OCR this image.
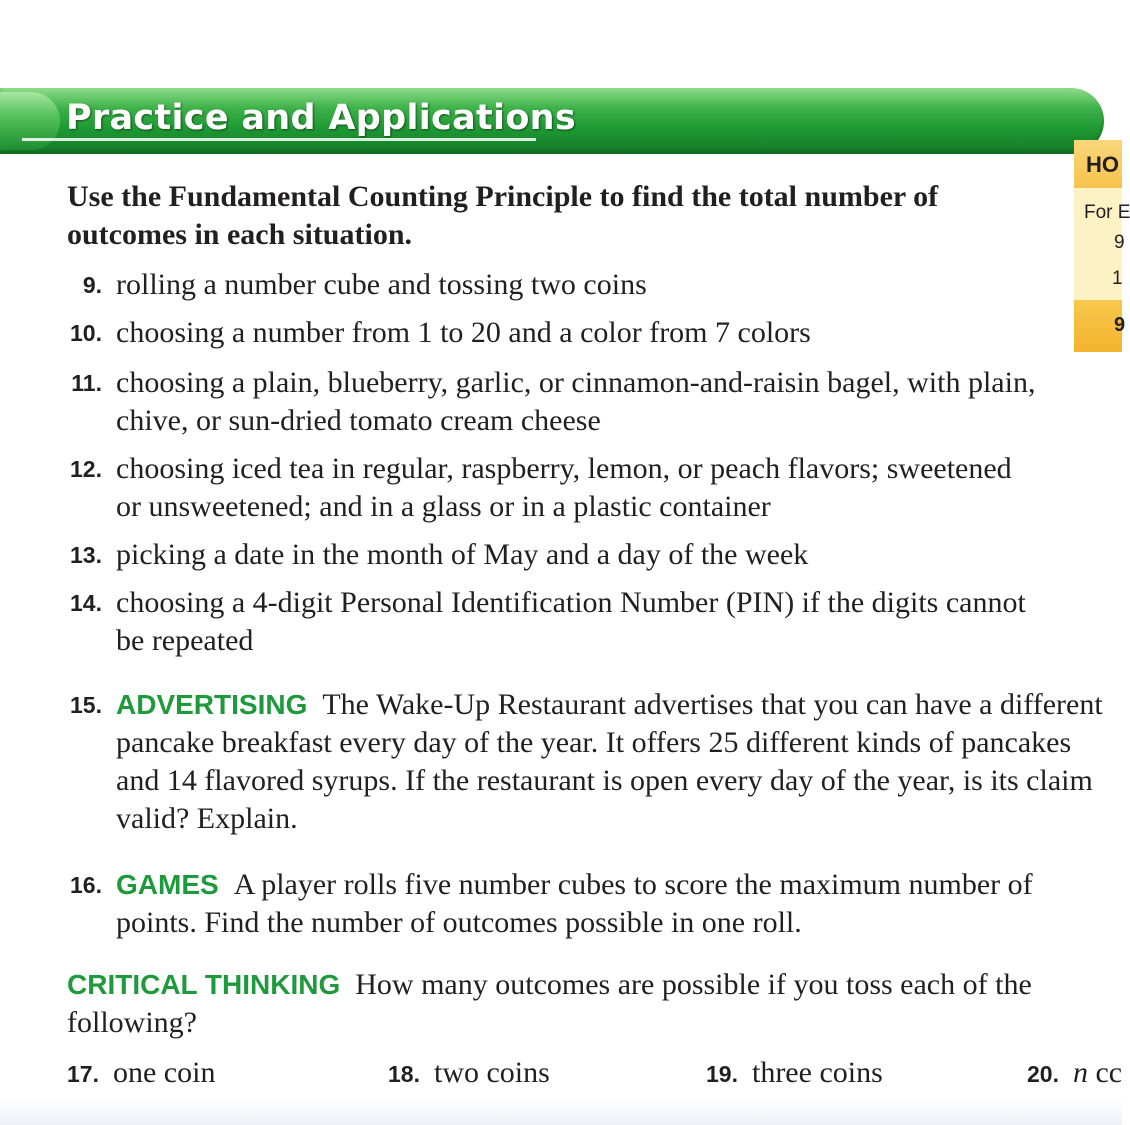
Practice and Applications
HO
For E
9
1
9

Use the Fundamental Counting Principle to find the total number of outcomes in each situation.

9. rolling a number cube and tossing two coins
10. choosing a number from 1 to 20 and a color from 7 colors
11. choosing a plain, blueberry, garlic, or cinnamon-and-raisin bagel, with plain, chive, or sun-dried tomato cream cheese
12. choosing iced tea in regular, raspberry, lemon, or peach flavors; sweetened or unsweetened; and in a glass or in a plastic container
13. picking a date in the month of May and a day of the week
14. choosing a 4-digit Personal Identification Number (PIN) if the digits cannot be repeated
15. ADVERTISING The Wake-Up Restaurant advertises that you can have a different pancake breakfast every day of the year. It offers 25 different kinds of pancakes and 14 flavored syrups. If the restaurant is open every day of the year, is its claim valid? Explain.
16. GAMES A player rolls five number cubes to score the maximum number of points. Find the number of outcomes possible in one roll.
CRITICAL THINKING How many outcomes are possible if you toss each of the following?
17. one coin	18. two coins	19. three coins	20. n cc
